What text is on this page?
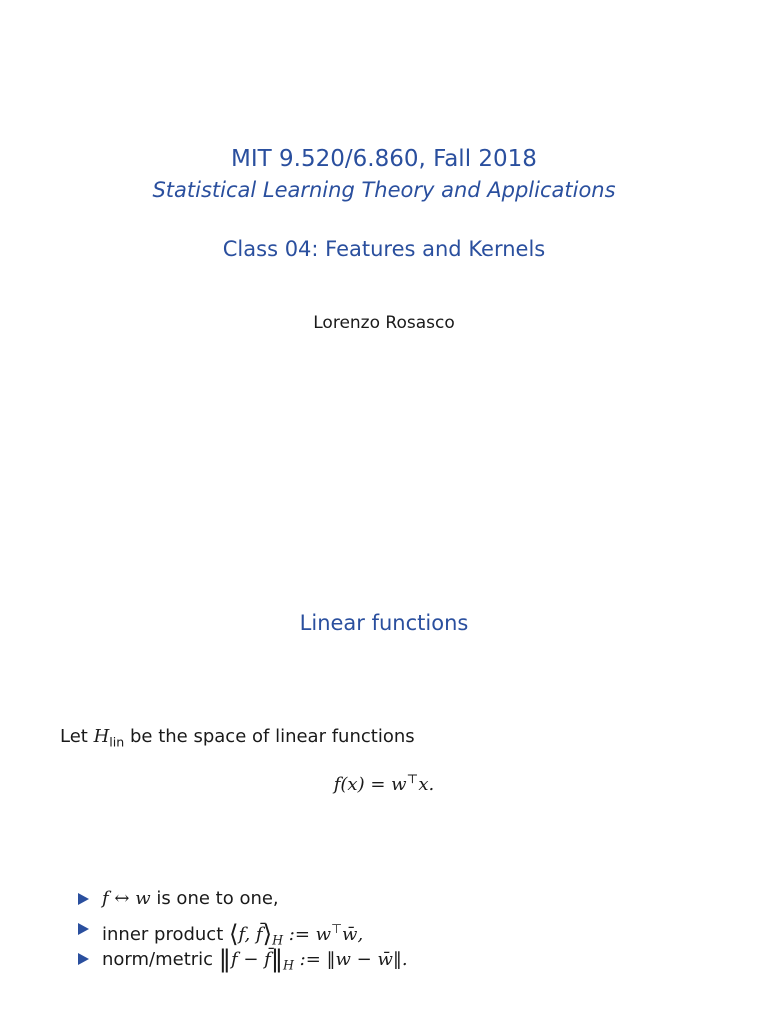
MIT 9.520/6.860, Fall 2018
Statistical Learning Theory and Applications
Class 04: Features and Kernels
Lorenzo Rosasco
Linear functions
Let $H_{lin}$ be the space of linear functions
f(x) = w⊤x.
f ↔ w is one to one,
inner product ⟨f, $f̄⟩_H$ := w⊤w̄,
norm/metric ‖f − $f̄‖_H$ := ‖w − w̄‖.
